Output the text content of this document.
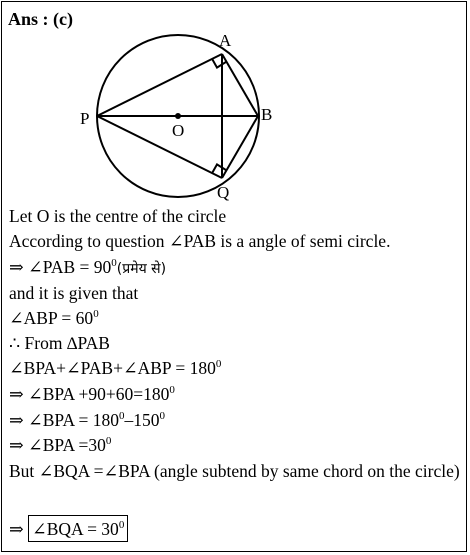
Ans : (c)
A
B
P
O
Q
Let O is the centre of the circle
According to question ∠PAB is a angle of semi circle.
⇒ ∠PAB = $90^0(प्रमेय$ से)
and it is given that
∠ABP = $60^0$
∴ From ∆PAB
∠BPA+∠PAB+∠ABP = $180^0$
⇒ ∠BPA $+90+60=180^0$
⇒ ∠BPA = $180^0-150^0$
⇒ ∠BPA $=30^0$
But ∠BQA =∠BPA (angle subtend by same chord on the circle)
⇒ ∠BQA = $30^0$
